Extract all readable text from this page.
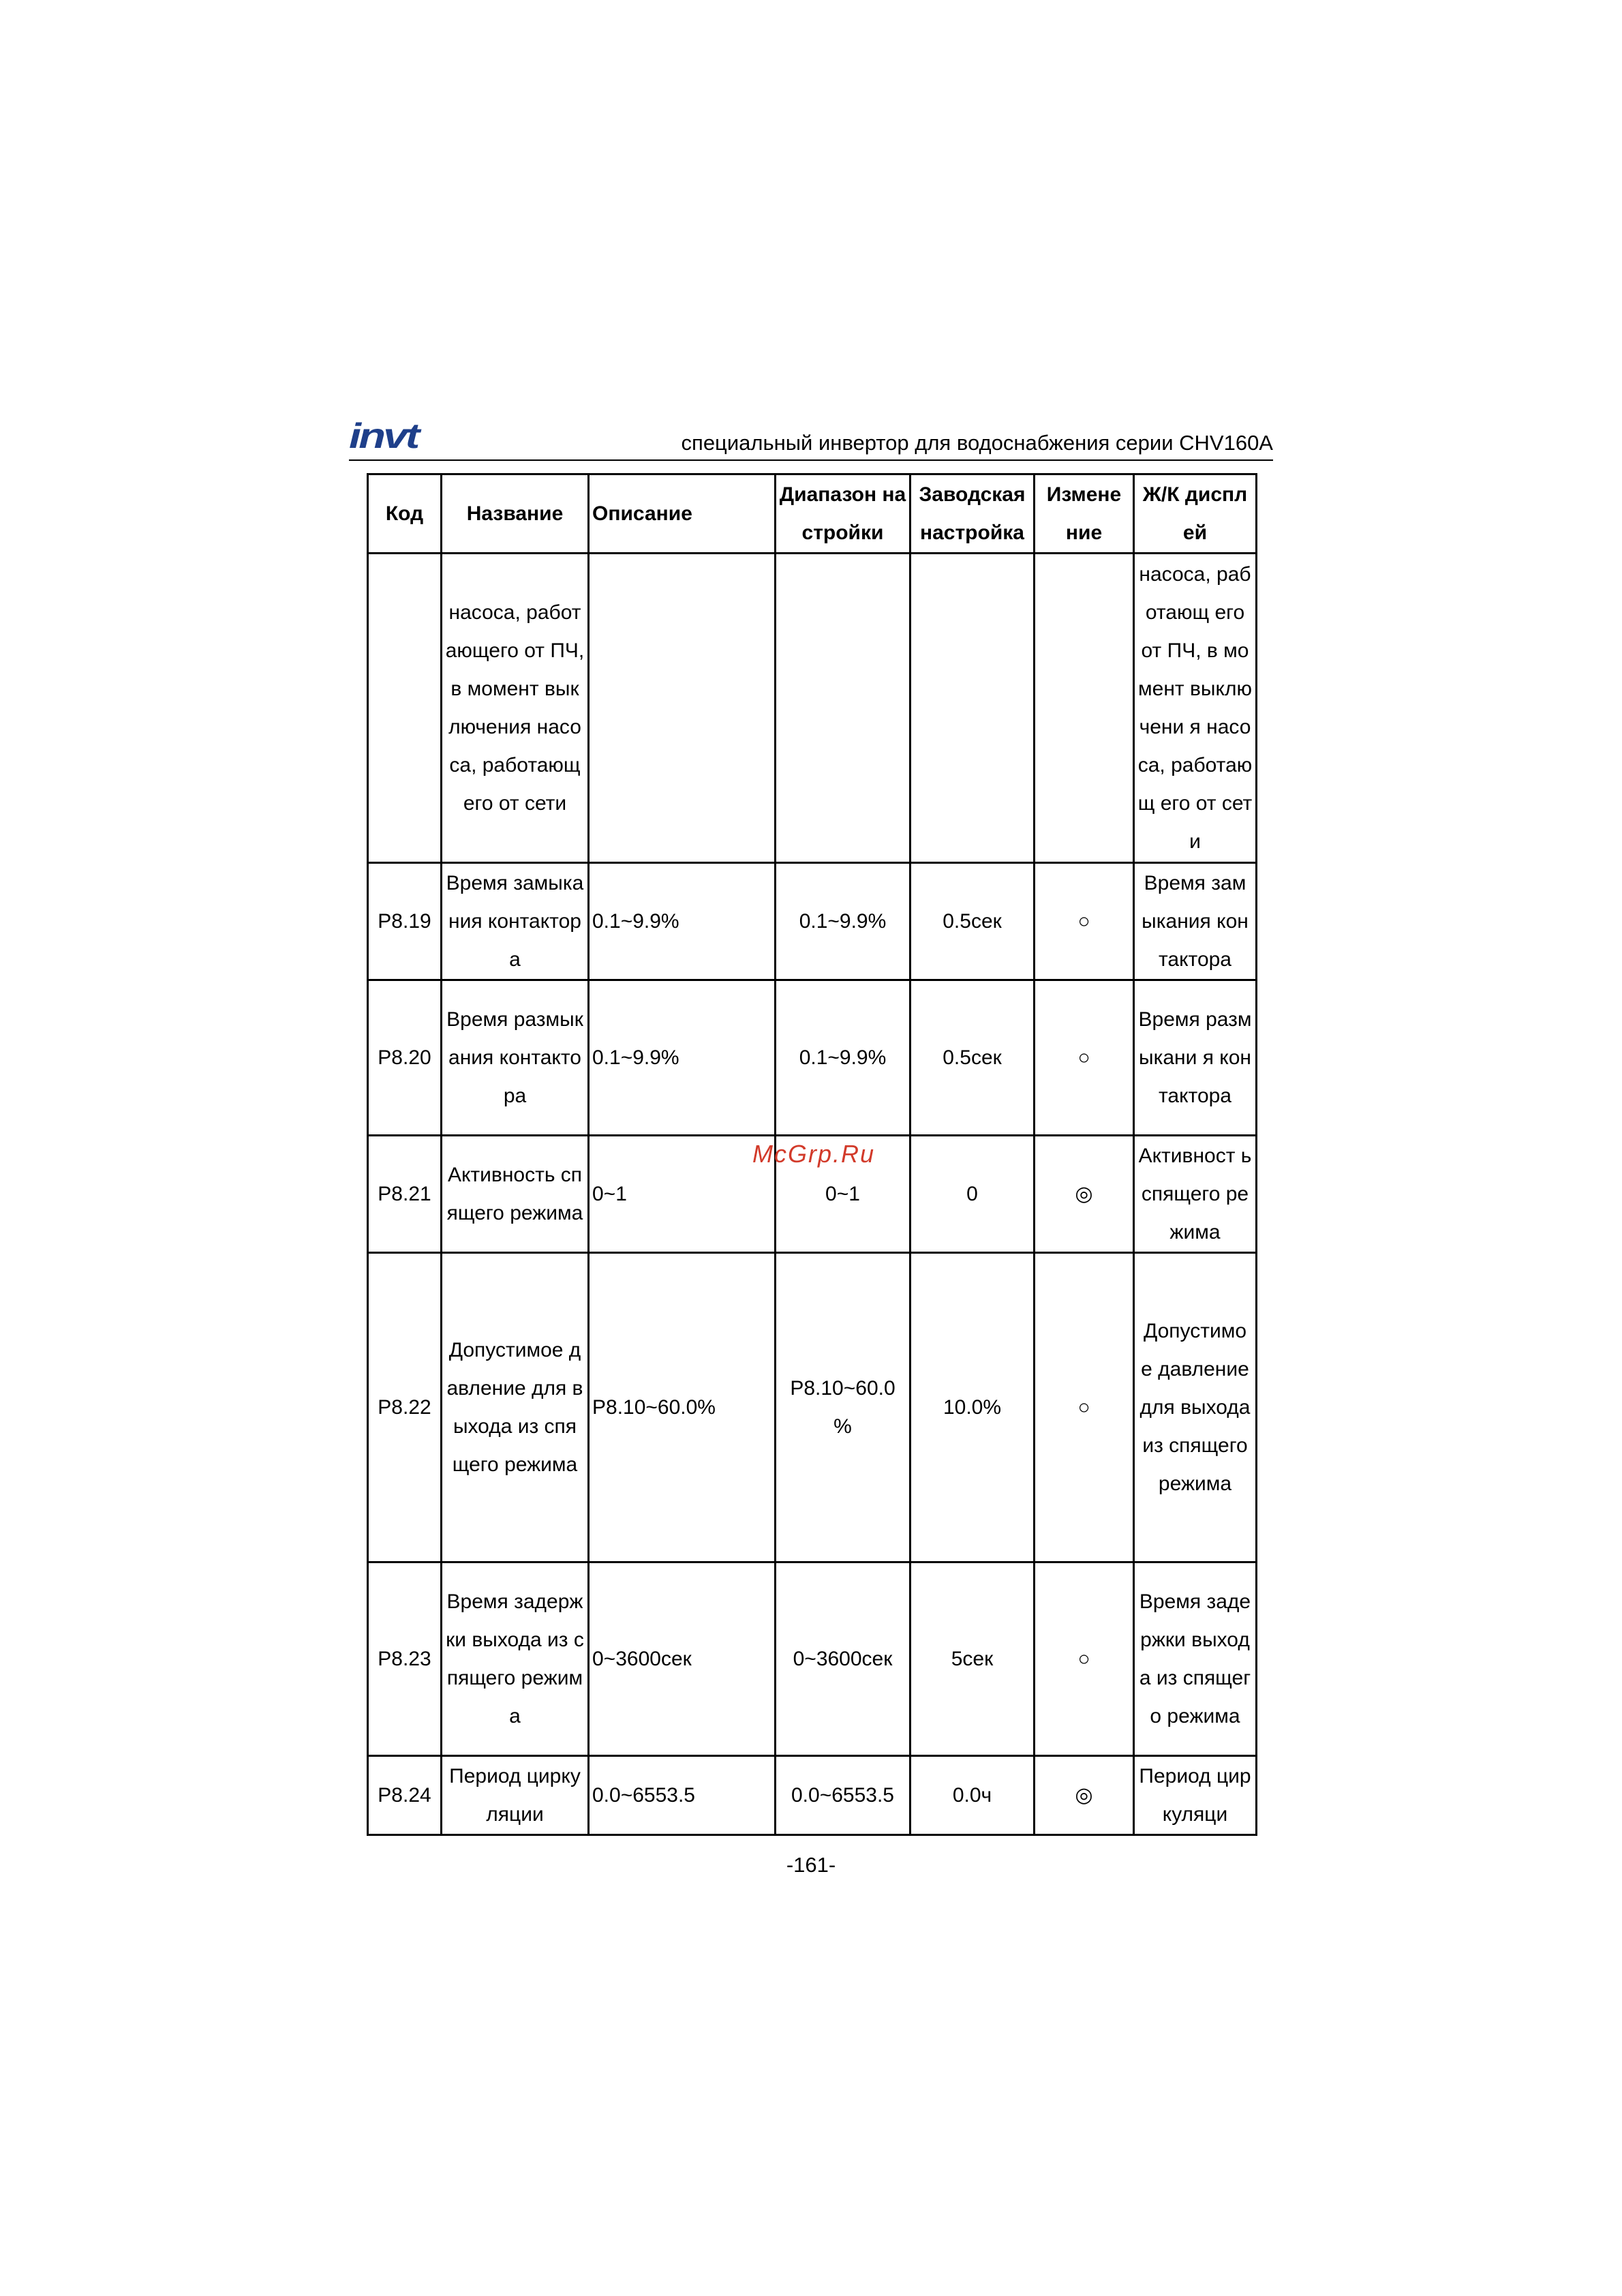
invt	специальный инвертор для водоснабжения серии CHV160A
Код	Название	Описание	Диапазон настройки	Заводская настройка	Измене ние	Ж/К дисплей
	насоса, работающего от ПЧ, в момент выключения насоса, работающего от сети					насоса, работающ его от ПЧ, в момент выключени я насоса, работающ его от сети
P8.19	Время замыкания контактора	0.1~9.9%	0.1~9.9%	0.5сек	○	Время замыкания контактора
P8.20	Время размыкания контактора	0.1~9.9%	0.1~9.9%	0.5сек	○	Время размыкани я контактора
P8.21	Активность спящего режима	0~1	0~1	0	◎	Активност ь спящего режима
P8.22	Допустимое давление для выхода из спящего режима	P8.10~60.0%	P8.10~60.0 %	10.0%	○	Допустимо е давление для выхода из спящего режима
P8.23	Время задержки выхода из спящего режима	0~3600сек	0~3600сек	5сек	○	Время задержки выхода из спящего режима
P8.24	Период циркуляции	0.0~6553.5	0.0~6553.5	0.0ч	◎	Период циркуляци
McGrp.Ru
-161-
